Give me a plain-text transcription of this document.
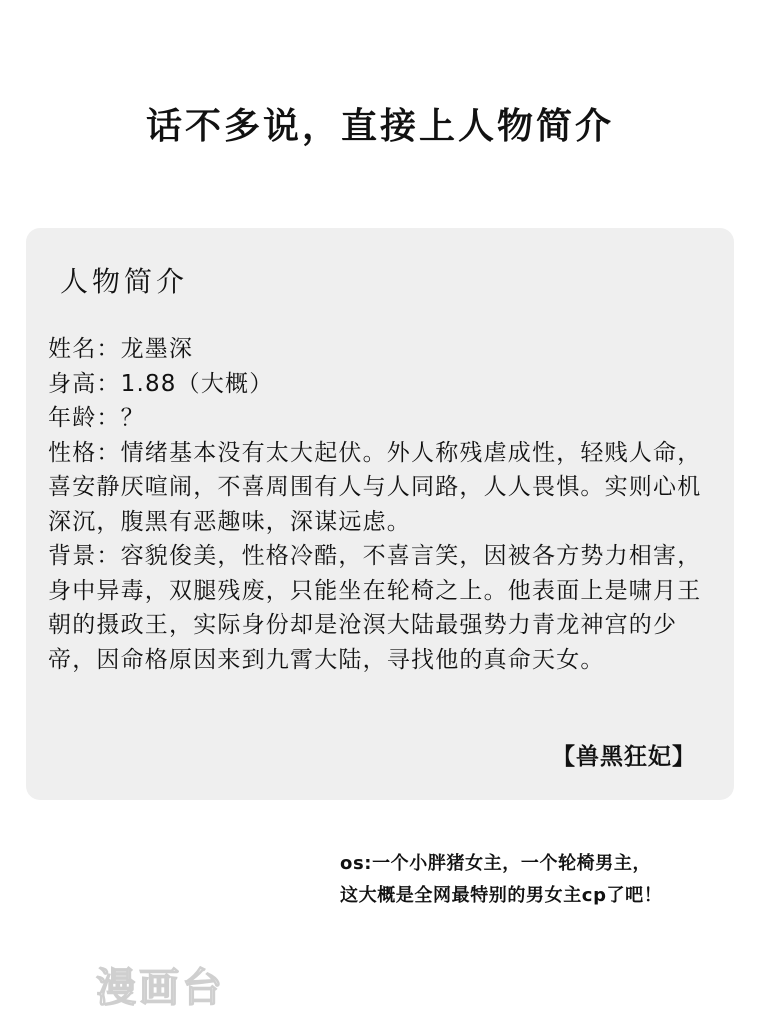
话不多说，直接上人物简介
人物简介

姓名：龙墨深

身高：1.88（大概）

年龄：？

性格：情绪基本没有太大起伏。外人称残虐成性，轻贱人命，喜安静厌喧闹，不喜周围有人与人同路，人人畏惧。实则心机深沉，腹黑有恶趣味，深谋远虑。

背景：容貌俊美，性格冷酷，不喜言笑，因被各方势力相害，身中异毒，双腿残废，只能坐在轮椅之上。他表面上是啸月王朝的摄政王，实际身份却是沧溟大陆最强势力青龙神宫的少帝，因命格原因来到九霄大陆，寻找他的真命天女。

【兽黑狂妃】
os:一个小胖猪女主，一个轮椅男主，
这大概是全网最特别的男女主cp了吧！
漫画台
